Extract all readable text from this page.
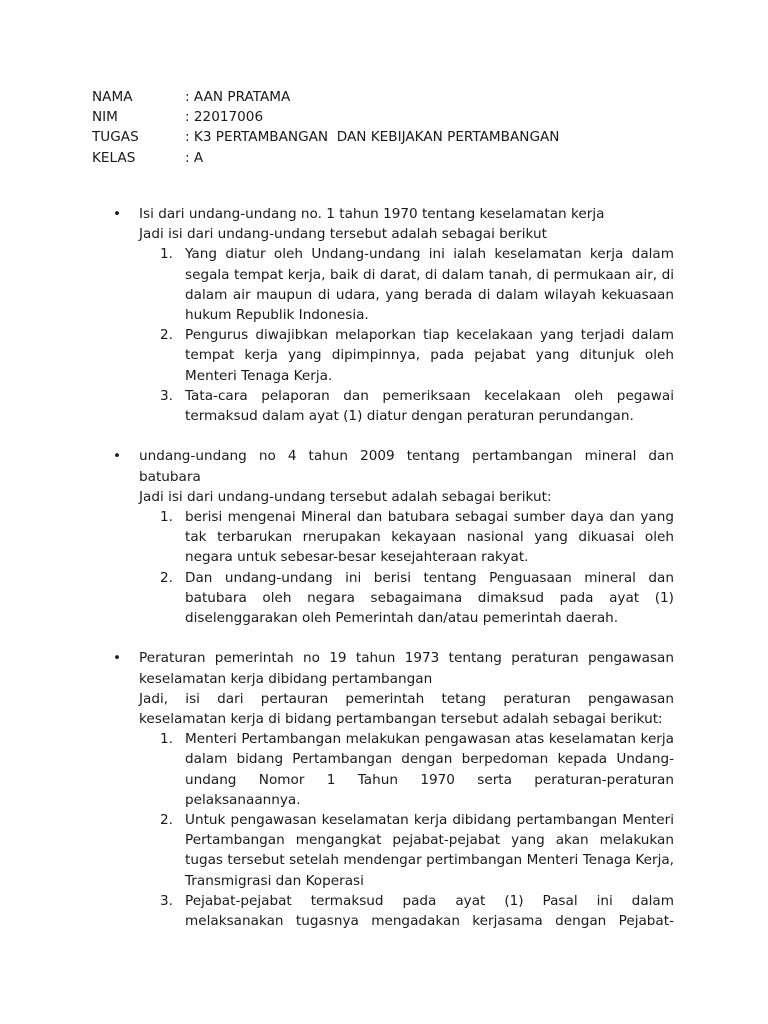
NAMA	: AAN PRATAMA
NIM	: 22017006
TUGAS	: K3 PERTAMBANGAN  DAN KEBIJAKAN PERTAMBANGAN
KELAS	: A
•	Isi dari undang-undang no. 1 tahun 1970 tentang keselamatan kerja
Jadi isi dari undang-undang tersebut adalah sebagai berikut
1. Yang diatur oleh Undang-undang ini ialah keselamatan kerja dalam segala tempat kerja, baik di darat, di dalam tanah, di permukaan air, di dalam air maupun di udara, yang berada di dalam wilayah kekuasaan hukum Republik Indonesia.
2. Pengurus diwajibkan melaporkan tiap kecelakaan yang terjadi dalam tempat kerja yang dipimpinnya, pada pejabat yang ditunjuk oleh Menteri Tenaga Kerja.
3. Tata-cara pelaporan dan pemeriksaan kecelakaan oleh pegawai termaksud dalam ayat (1) diatur dengan peraturan perundangan.
•	undang-undang no 4 tahun 2009 tentang pertambangan mineral dan batubara
Jadi isi dari undang-undang tersebut adalah sebagai berikut:
1. berisi mengenai Mineral dan batubara sebagai sumber daya dan yang tak terbarukan rnerupakan kekayaan nasional yang dikuasai oleh negara untuk sebesar-besar kesejahteraan rakyat.
2. Dan undang-undang ini berisi tentang Penguasaan mineral dan batubara oleh negara sebagaimana dimaksud pada ayat (1) diselenggarakan oleh Pemerintah dan/atau pemerintah daerah.
•	Peraturan pemerintah no 19 tahun 1973 tentang peraturan pengawasan keselamatan kerja dibidang pertambangan
Jadi, isi dari pertauran pemerintah tetang peraturan pengawasan keselamatan kerja di bidang pertambangan tersebut adalah sebagai berikut:
1. Menteri Pertambangan melakukan pengawasan atas keselamatan kerja dalam bidang Pertambangan dengan berpedoman kepada Undang-undang Nomor 1 Tahun 1970 serta peraturan-peraturan pelaksanaannya.
2. Untuk pengawasan keselamatan kerja dibidang pertambangan Menteri Pertambangan mengangkat pejabat-pejabat yang akan melakukan tugas tersebut setelah mendengar pertimbangan Menteri Tenaga Kerja, Transmigrasi dan Koperasi
3. Pejabat-pejabat termaksud pada ayat (1) Pasal ini dalam melaksanakan tugasnya mengadakan kerjasama dengan Pejabat-
